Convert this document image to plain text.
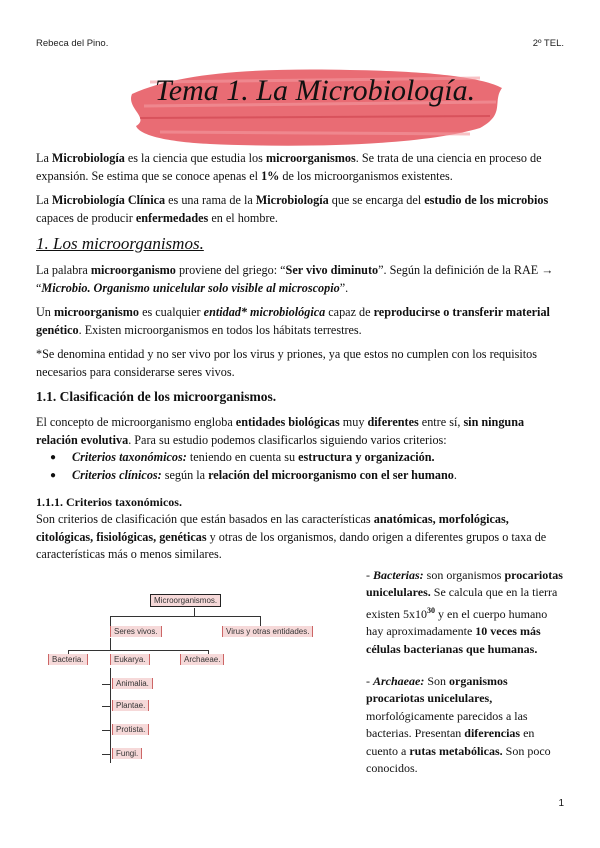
Rebeca del Pino.	2º TEL.
Tema 1. La Microbiología.

La Microbiología es la ciencia que estudia los microorganismos. Se trata de una ciencia en proceso de expansión. Se estima que se conoce apenas el 1% de los microorganismos existentes.

La Microbiología Clínica es una rama de la Microbiología que se encarga del estudio de los microbios capaces de producir enfermedades en el hombre.

1. Los microorganismos.

La palabra microorganismo proviene del griego: “Ser vivo diminuto”. Según la definición de la RAE → “Microbio. Organismo unicelular solo visible al microscopio”.

Un microorganismo es cualquier entidad* microbiológica capaz de reproducirse o transferir material genético. Existen microorganismos en todos los hábitats terrestres.

*Se denomina entidad y no ser vivo por los virus y priones, ya que estos no cumplen con los requisitos necesarios para considerarse seres vivos.

1.1. Clasificación de los microorganismos.

El concepto de microorganismo engloba entidades biológicas muy diferentes entre sí, sin ninguna relación evolutiva. Para su estudio podemos clasificarlos siguiendo varios criterios:

● Criterios taxonómicos: teniendo en cuenta su estructura y organización.
● Criterios clínicos: según la relación del microorganismo con el ser humano.
1.1.1. Criterios taxonómicos.

Son criterios de clasificación que están basados en las características anatómicas, morfológicas, citológicas, fisiológicas, genéticas y otras de los organismos, dando origen a diferentes grupos o taxa de características más o menos similares.

Microorganismos.
Seres vivos.	Virus y otras entidades.
Bacteria.	Eukarya.	Archaeae.
Animalia.
Plantae.
Protista.
Fungi.

- Bacterias: son organismos procariotas unicelulares. Se calcula que en la tierra existen $5x10^{30}$ y en el cuerpo humano hay aproximadamente 10 veces más células bacterianas que humanas.

- Archaeae: Son organismos procariotas unicelulares, morfológicamente parecidos a las bacterias. Presentan diferencias en cuento a rutas metabólicas. Son poco conocidos.

1
